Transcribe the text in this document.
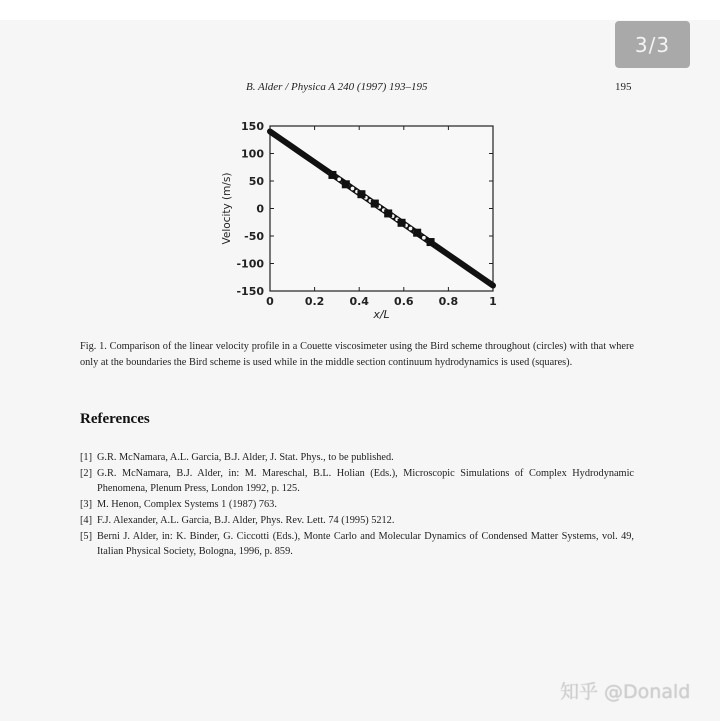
3/3
B. Alder / Physica A 240 (1997) 193–195	195
0	0.2 0.4 0.6 0.8	1
150
100
50
0
-50
-100
-150
x/L
Velocity (m/s)
Fig. 1. Comparison of the linear velocity profile in a Couette viscosimeter using the Bird scheme throughout (circles) with that where only at the boundaries the Bird scheme is used while in the middle section continuum hydrodynamics is used (squares).
References
[1] G.R. McNamara, A.L. Garcia, B.J. Alder, J. Stat. Phys., to be published.
[2] G.R. McNamara, B.J. Alder, in: M. Mareschal, B.L. Holian (Eds.), Microscopic Simulations of Complex Hydrodynamic Phenomena, Plenum Press, London 1992, p. 125.
[3] M. Henon, Complex Systems 1 (1987) 763.
[4] F.J. Alexander, A.L. Garcia, B.J. Alder, Phys. Rev. Lett. 74 (1995) 5212.
[5] Berni J. Alder, in: K. Binder, G. Ciccotti (Eds.), Monte Carlo and Molecular Dynamics of Condensed Matter Systems, vol. 49, Italian Physical Society, Bologna, 1996, p. 859.
知乎 @Donald
